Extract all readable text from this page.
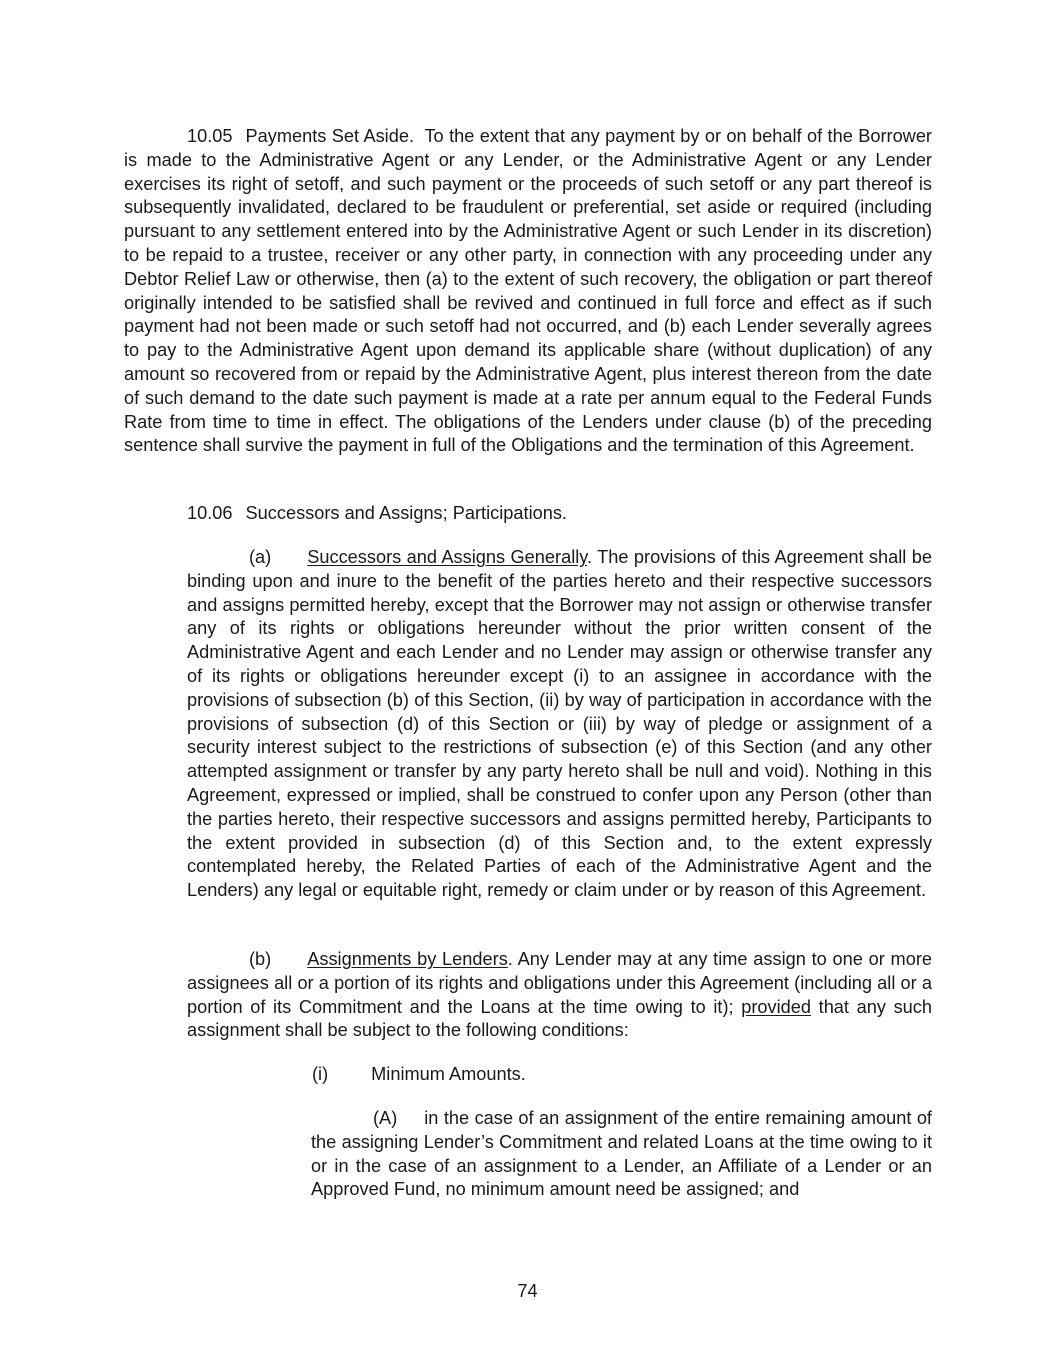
10.05 Payments Set Aside. To the extent that any payment by or on behalf of the Borrower is made to the Administrative Agent or any Lender, or the Administrative Agent or any Lender exercises its right of setoff, and such payment or the proceeds of such setoff or any part thereof is subsequently invalidated, declared to be fraudulent or preferential, set aside or required (including pursuant to any settlement entered into by the Administrative Agent or such Lender in its discretion) to be repaid to a trustee, receiver or any other party, in connection with any proceeding under any Debtor Relief Law or otherwise, then (a) to the extent of such recovery, the obligation or part thereof originally intended to be satisfied shall be revived and continued in full force and effect as if such payment had not been made or such setoff had not occurred, and (b) each Lender severally agrees to pay to the Administrative Agent upon demand its applicable share (without duplication) of any amount so recovered from or repaid by the Administrative Agent, plus interest thereon from the date of such demand to the date such payment is made at a rate per annum equal to the Federal Funds Rate from time to time in effect. The obligations of the Lenders under clause (b) of the preceding sentence shall survive the payment in full of the Obligations and the termination of this Agreement.

10.06 Successors and Assigns; Participations.

(a) Successors and Assigns Generally. The provisions of this Agreement shall be binding upon and inure to the benefit of the parties hereto and their respective successors and assigns permitted hereby, except that the Borrower may not assign or otherwise transfer any of its rights or obligations hereunder without the prior written consent of the Administrative Agent and each Lender and no Lender may assign or otherwise transfer any of its rights or obligations hereunder except (i) to an assignee in accordance with the provisions of subsection (b) of this Section, (ii) by way of participation in accordance with the provisions of subsection (d) of this Section or (iii) by way of pledge or assignment of a security interest subject to the restrictions of subsection (e) of this Section (and any other attempted assignment or transfer by any party hereto shall be null and void). Nothing in this Agreement, expressed or implied, shall be construed to confer upon any Person (other than the parties hereto, their respective successors and assigns permitted hereby, Participants to the extent provided in subsection (d) of this Section and, to the extent expressly contemplated hereby, the Related Parties of each of the Administrative Agent and the Lenders) any legal or equitable right, remedy or claim under or by reason of this Agreement.

(b) Assignments by Lenders. Any Lender may at any time assign to one or more assignees all or a portion of its rights and obligations under this Agreement (including all or a portion of its Commitment and the Loans at the time owing to it); provided that any such assignment shall be subject to the following conditions:

(i) Minimum Amounts.

(A) in the case of an assignment of the entire remaining amount of the assigning Lender’s Commitment and related Loans at the time owing to it or in the case of an assignment to a Lender, an Affiliate of a Lender or an Approved Fund, no minimum amount need be assigned; and

74
